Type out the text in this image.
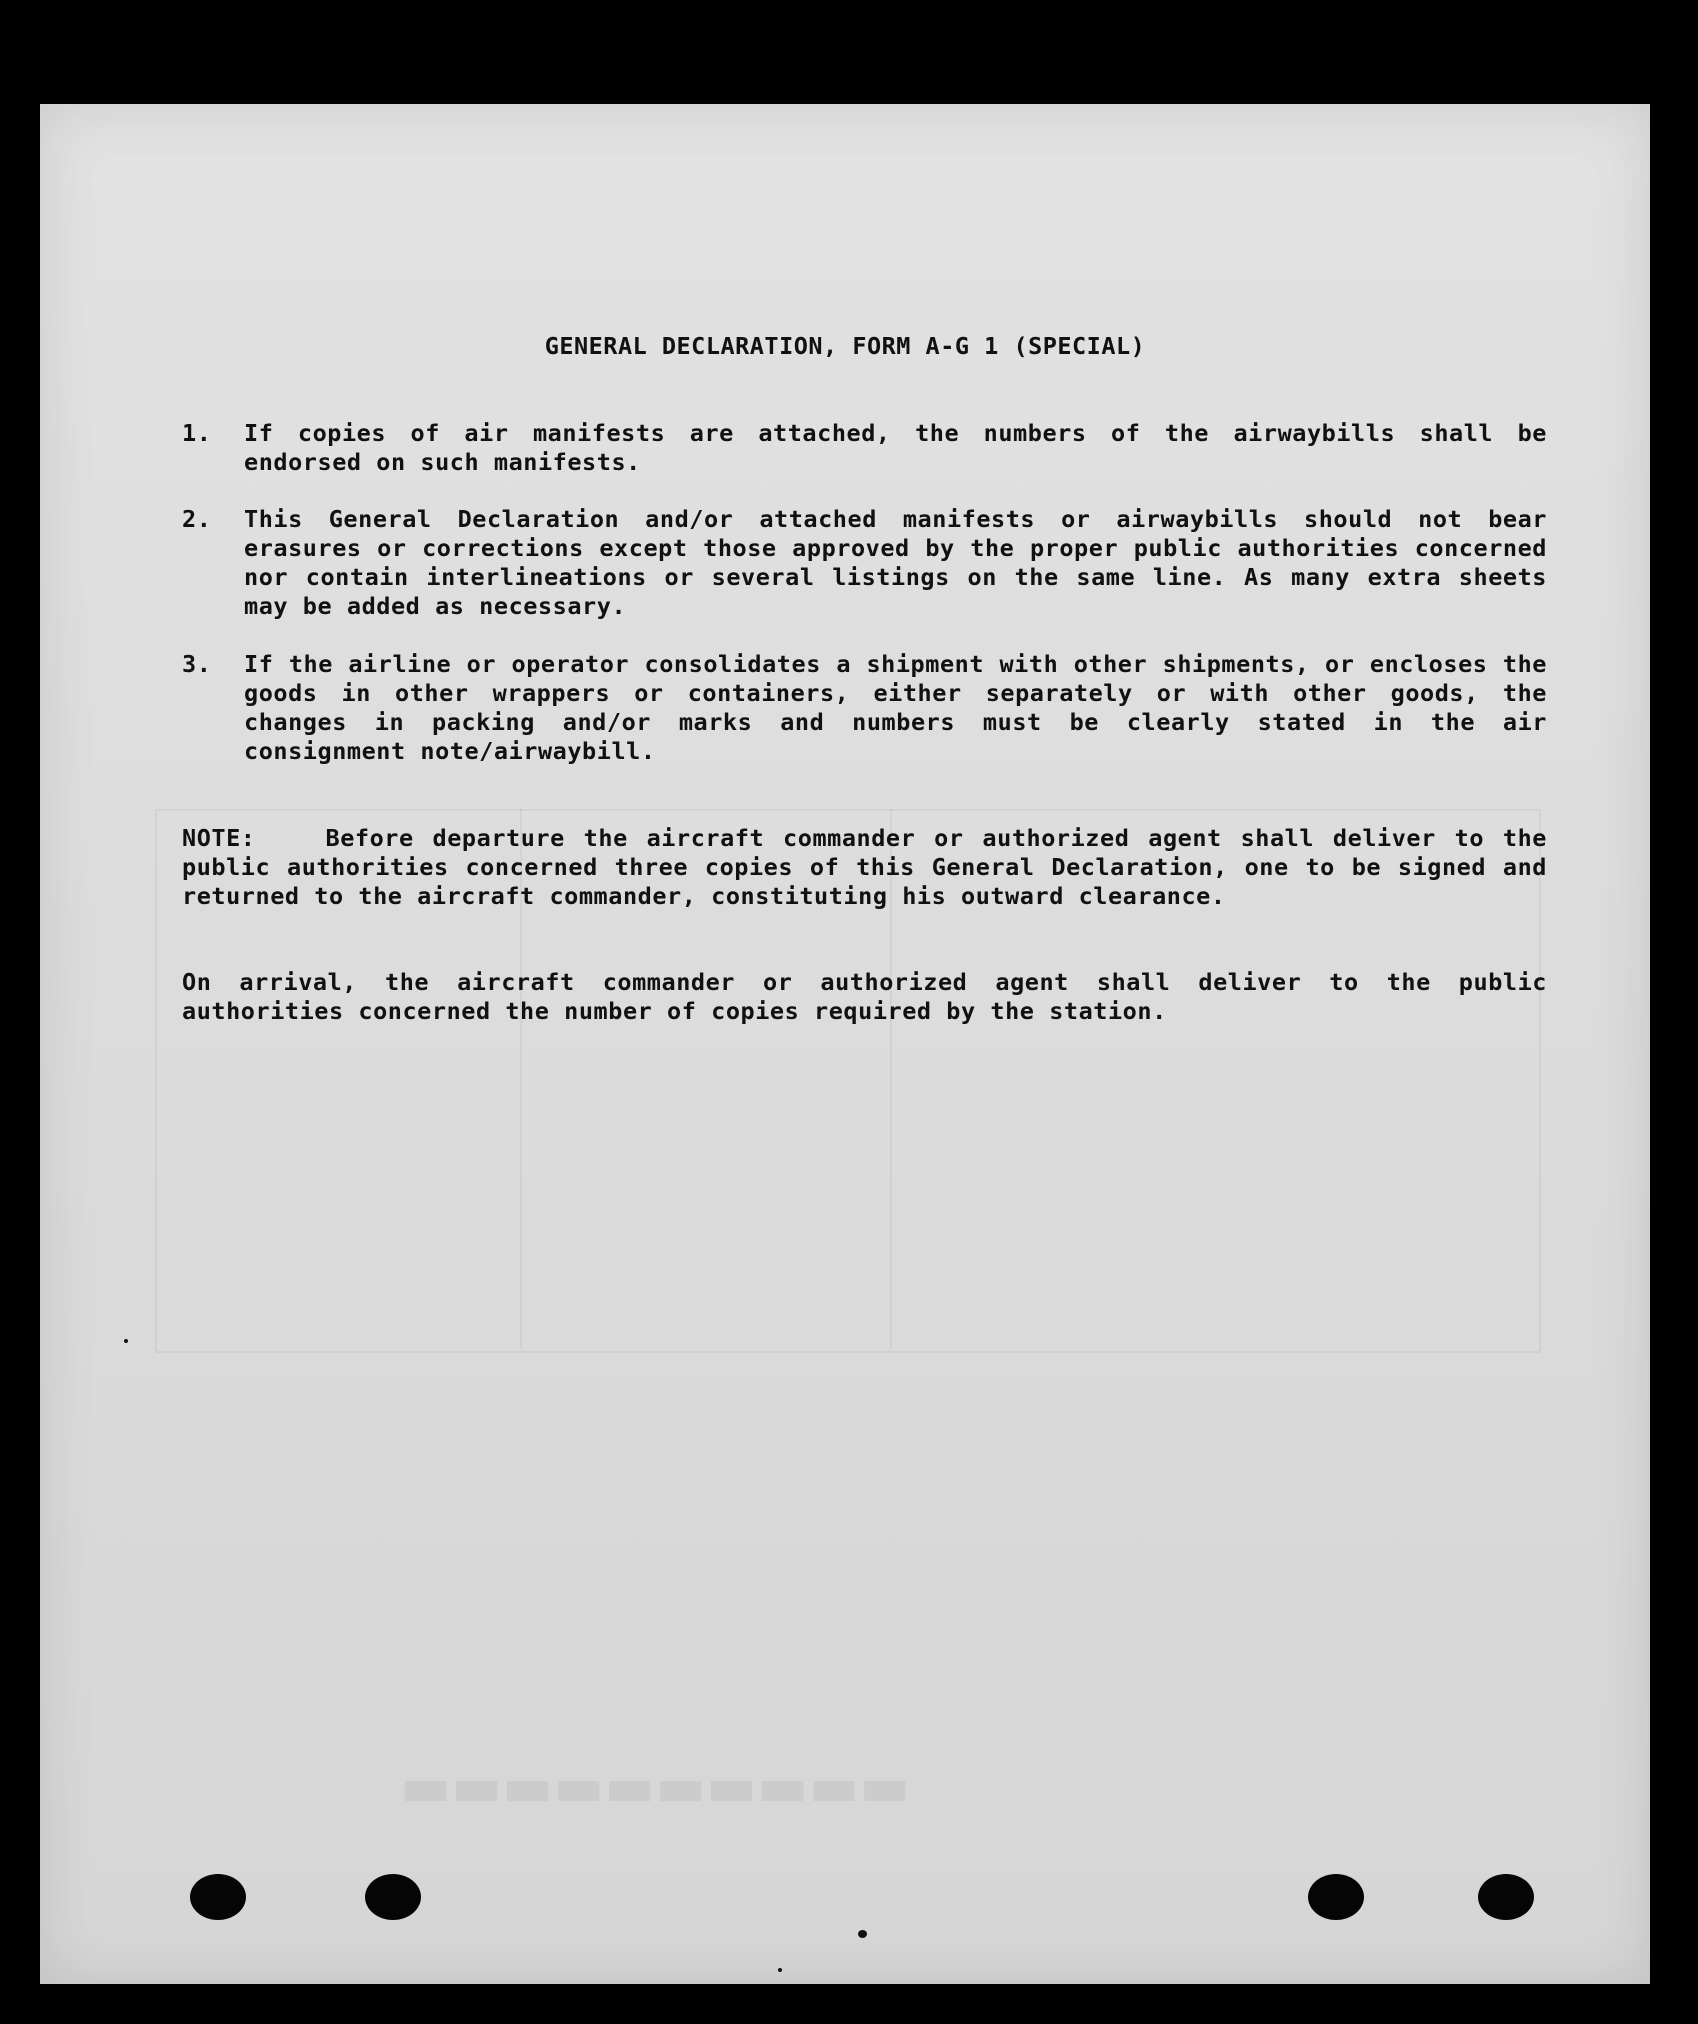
▬▬▬▬▬▬▬▬▬▬
GENERAL DECLARATION, FORM A-G 1 (SPECIAL)
1.	If copies of air manifests are attached, the numbers of the airwaybills shall be endorsed on such manifests.
2.	This General Declaration and/or attached manifests or airwaybills should not bear erasures or corrections except those approved by the proper public authorities concerned nor contain interlineations or several listings on the same line. As many extra sheets may be added as necessary.
3.	If the airline or operator consolidates a shipment with other shipments, or encloses the goods in other wrappers or containers, either separately or with other goods, the changes in packing and/or marks and numbers must be clearly stated in the air consignment note/airwaybill.
NOTE:	Before departure the aircraft commander or authorized agent shall deliver to the public authorities concerned three copies of this General Declaration, one to be signed and returned to the aircraft commander, constituting his outward clearance.
On arrival, the aircraft commander or authorized agent shall deliver to the public authorities concerned the number of copies required by the station.
